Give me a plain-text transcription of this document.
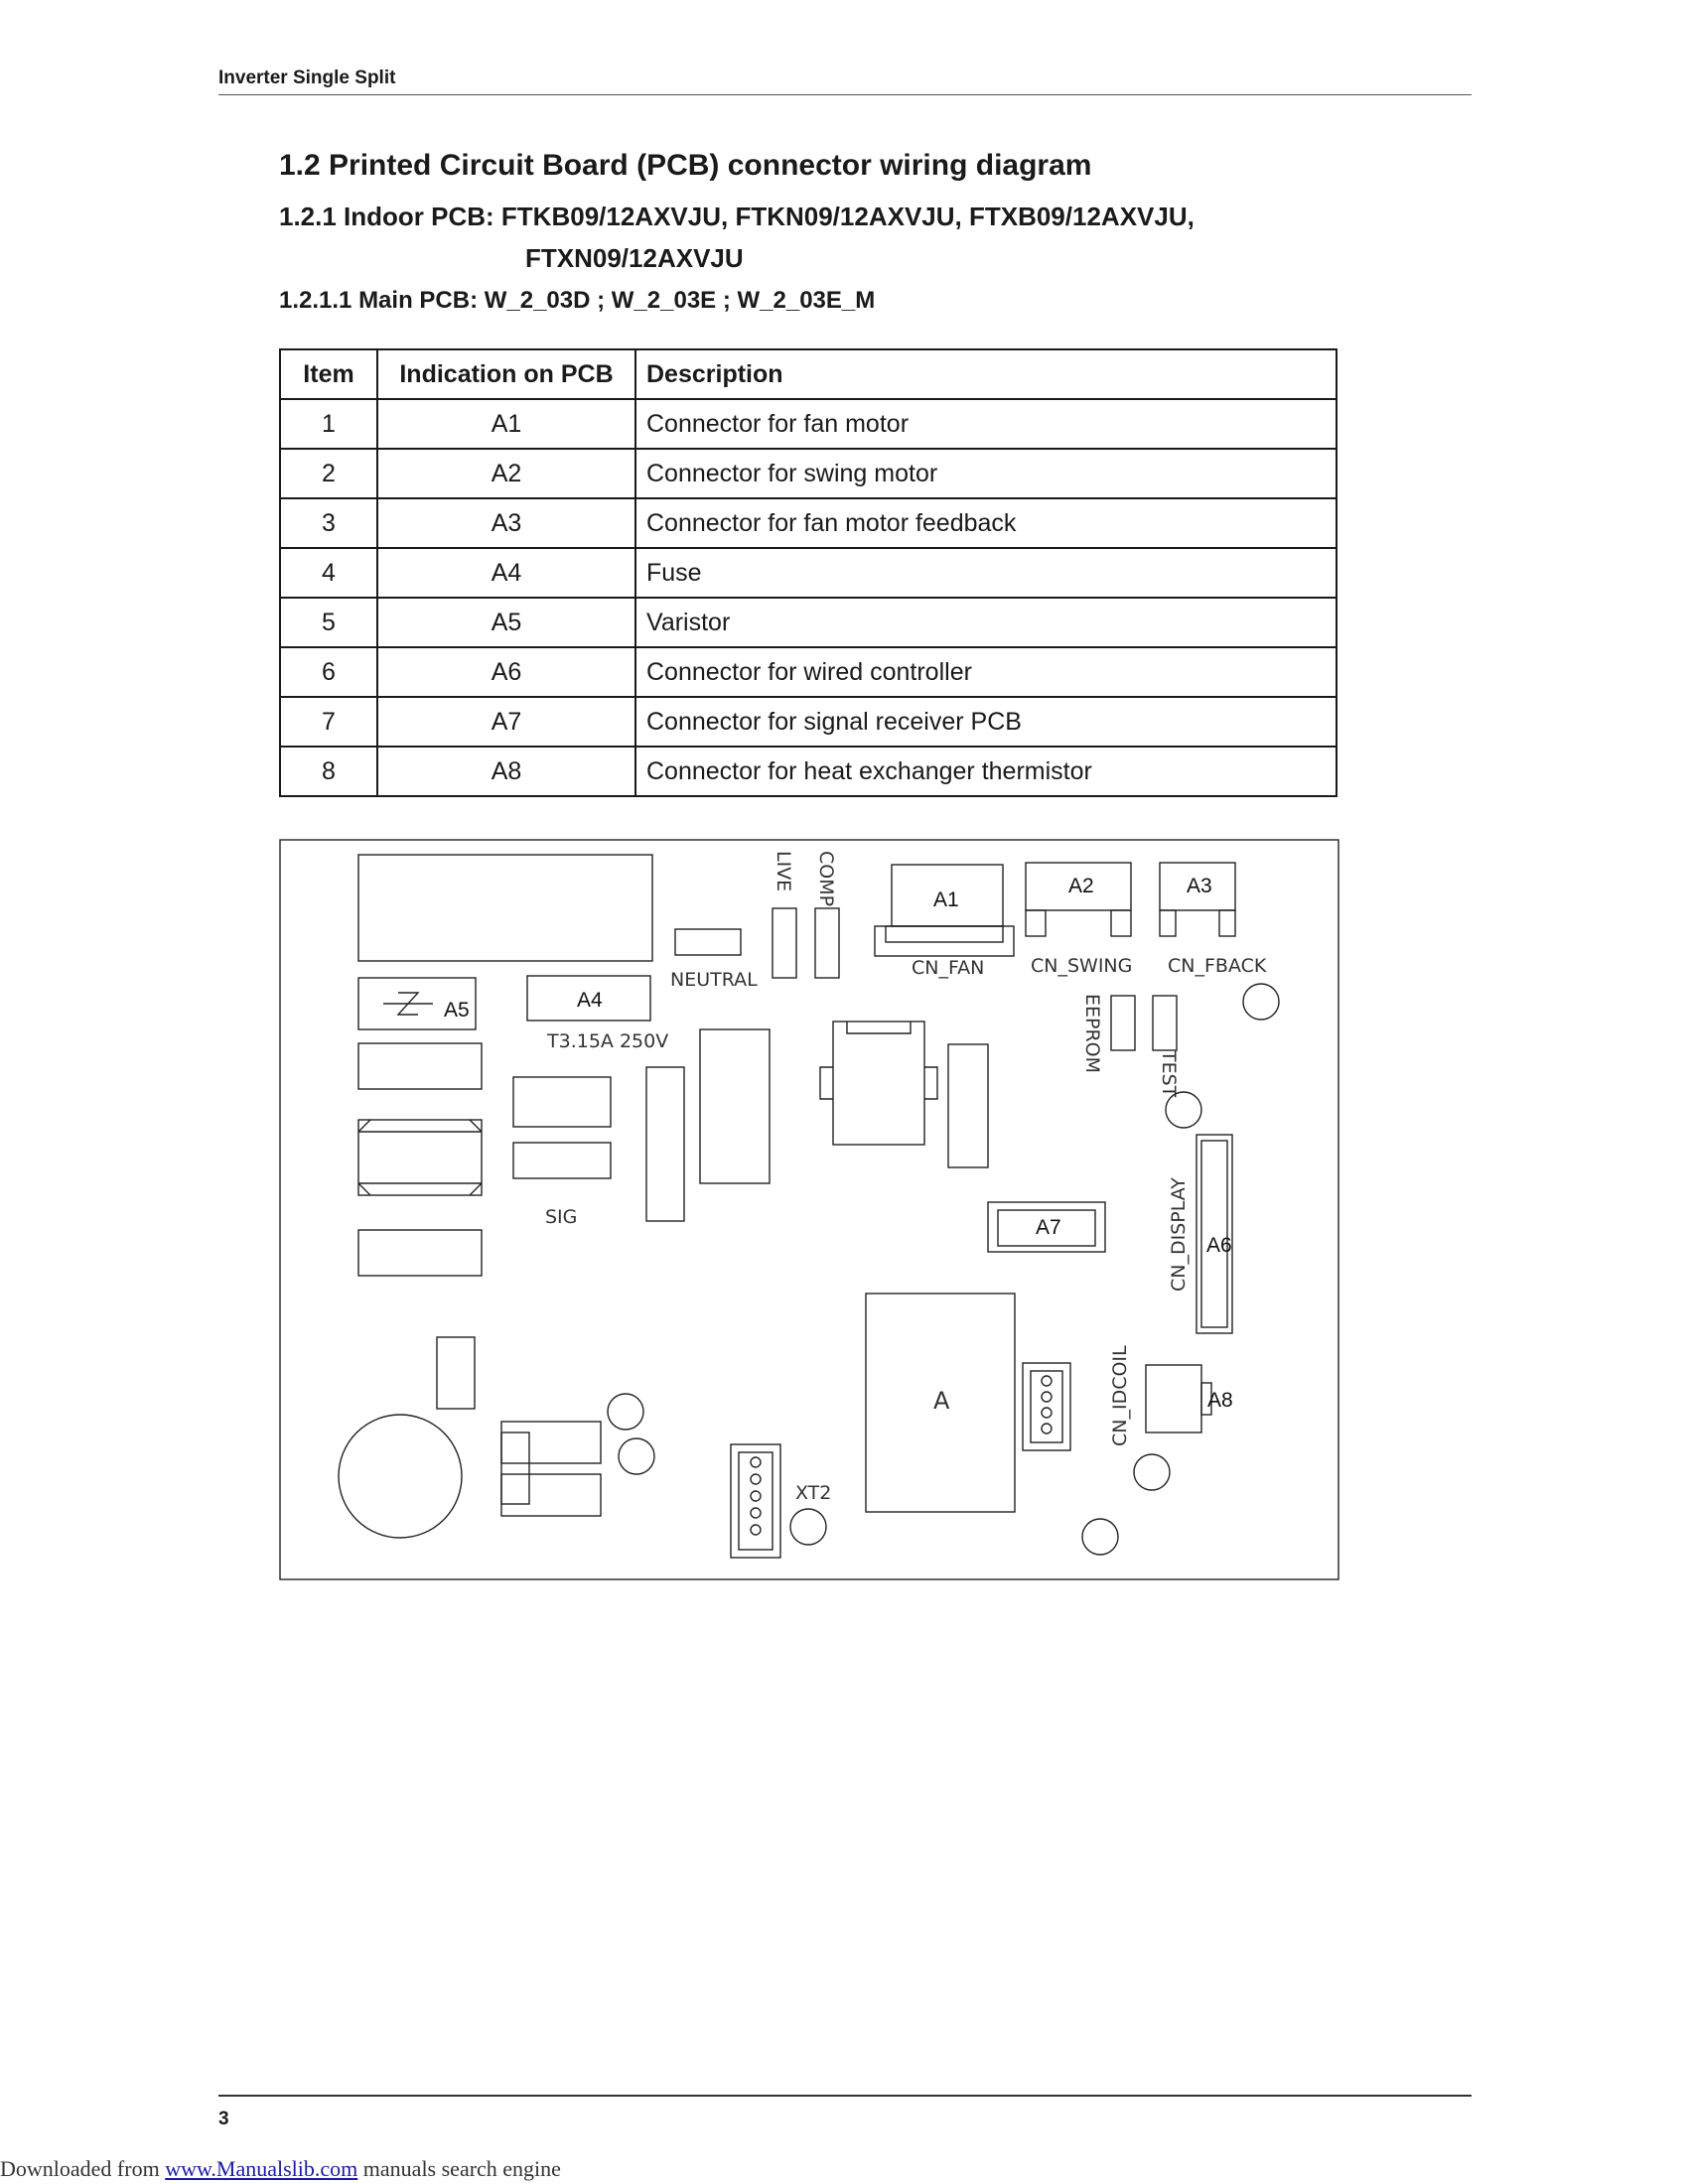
Inverter Single Split
1.2 Printed Circuit Board (PCB) connector wiring diagram
1.2.1 Indoor PCB: FTKB09/12AXVJU, FTKN09/12AXVJU, FTXB09/12AXVJU,
FTXN09/12AXVJU
1.2.1.1 Main PCB: W_2_03D ; W_2_03E ; W_2_03E_M
Item	Indication on PCB	Description
1	A1	Connector for fan motor
2	A2	Connector for swing motor
3	A3	Connector for fan motor feedback
4	A4	Fuse
5	A5	Varistor
6	A6	Connector for wired controller
7	A7	Connector for signal receiver PCB
8	A8	Connector for heat exchanger thermistor
NEUTRAL
LIVE COMP	A1
CN_FAN
A2
CN_SWING
A3
CN_FBACK
EEPROM
TEST
A5	A4
T3.15A 250V
SIG	A7
A6
CN_DISPLAY
A	CN_IDCOIL	A8
XT2
3
Downloaded from www.Manualslib.com manuals search engine
